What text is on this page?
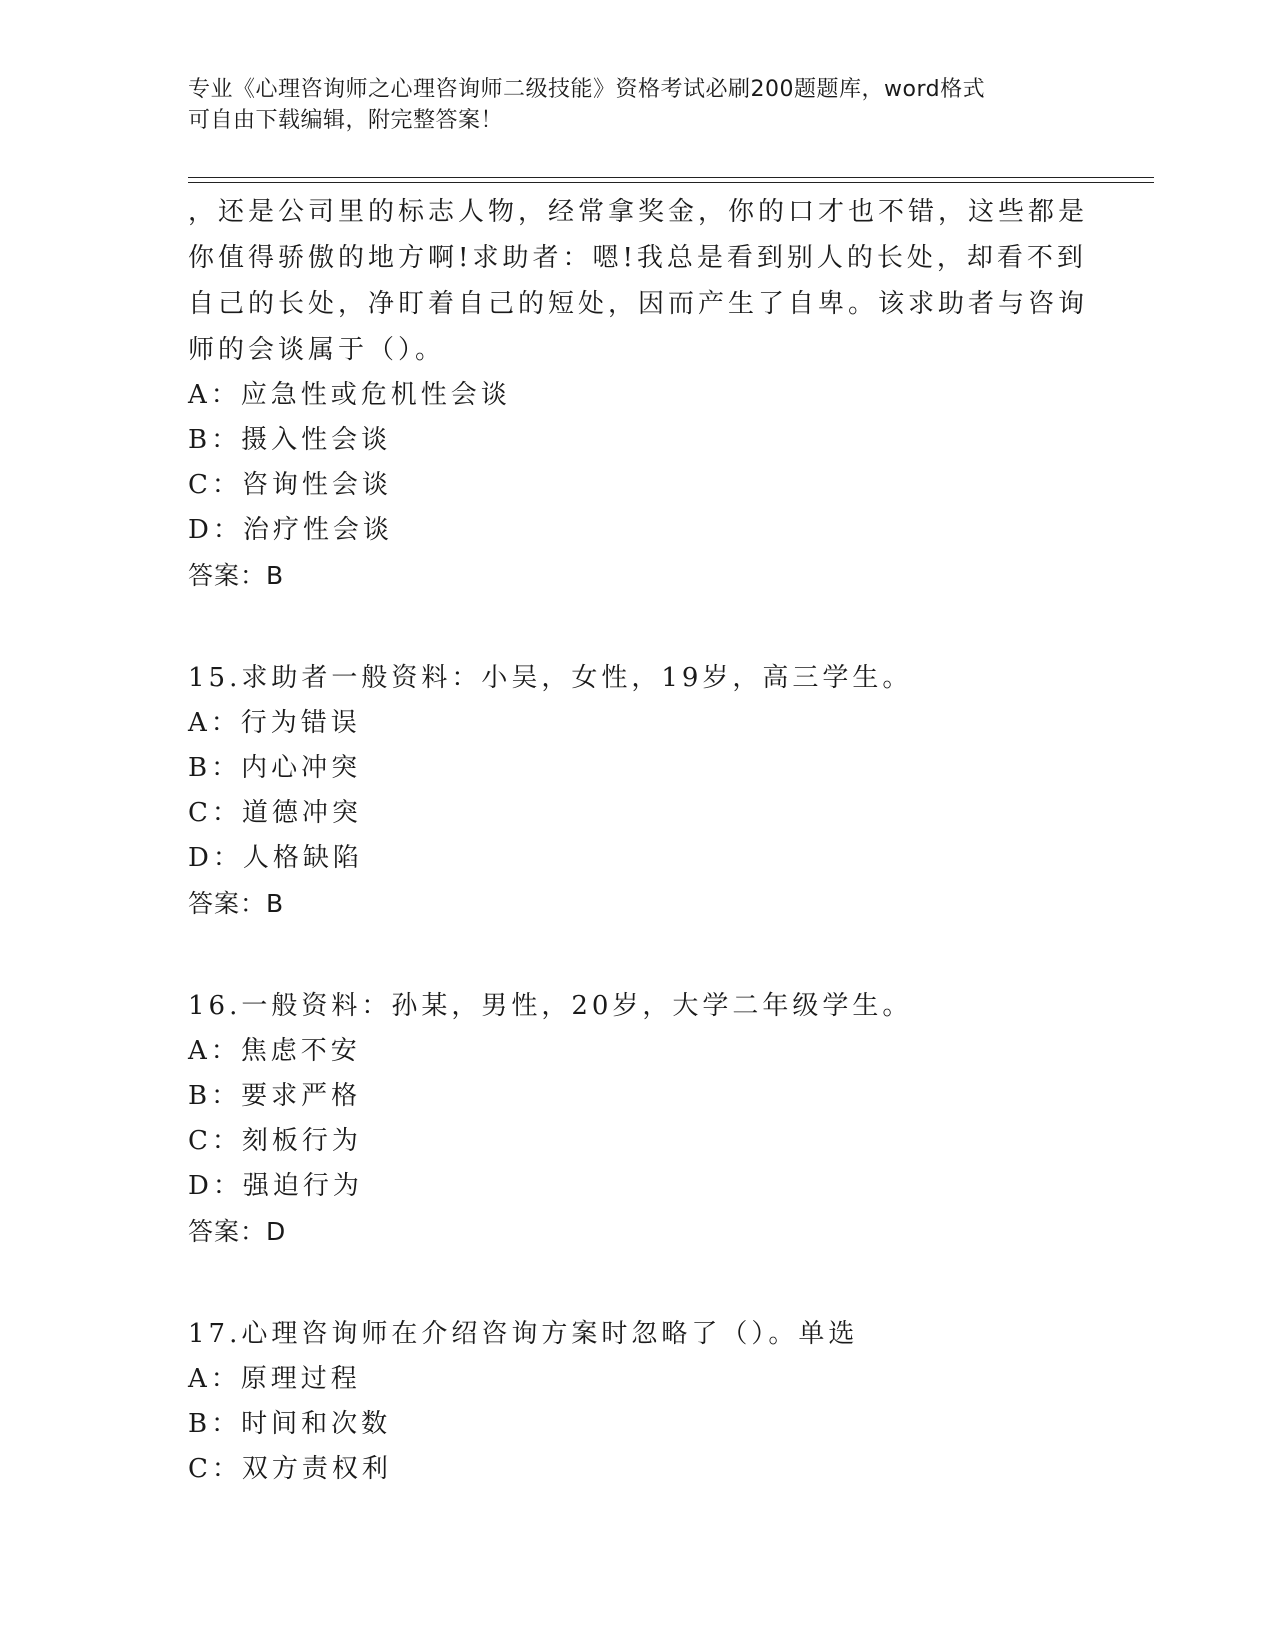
专业《心理咨询师之心理咨询师二级技能》资格考试必刷200题题库，word格式
可自由下载编辑，附完整答案！
，还是公司里的标志人物，经常拿奖金，你的口才也不错，这些都是
你值得骄傲的地方啊!求助者：嗯!我总是看到别人的长处，却看不到
自己的长处，净盯着自己的短处，因而产生了自卑。该求助者与咨询
师的会谈属于（）。
A：应急性或危机性会谈
B：摄入性会谈
C：咨询性会谈
D：治疗性会谈
答案：B
15.求助者一般资料：小吴，女性，19岁，高三学生。
A：行为错误
B：内心冲突
C：道德冲突
D：人格缺陷
答案：B
16.一般资料：孙某，男性，20岁，大学二年级学生。
A：焦虑不安
B：要求严格
C：刻板行为
D：强迫行为
答案：D
17.心理咨询师在介绍咨询方案时忽略了（）。单选
A：原理过程
B：时间和次数
C：双方责权利
